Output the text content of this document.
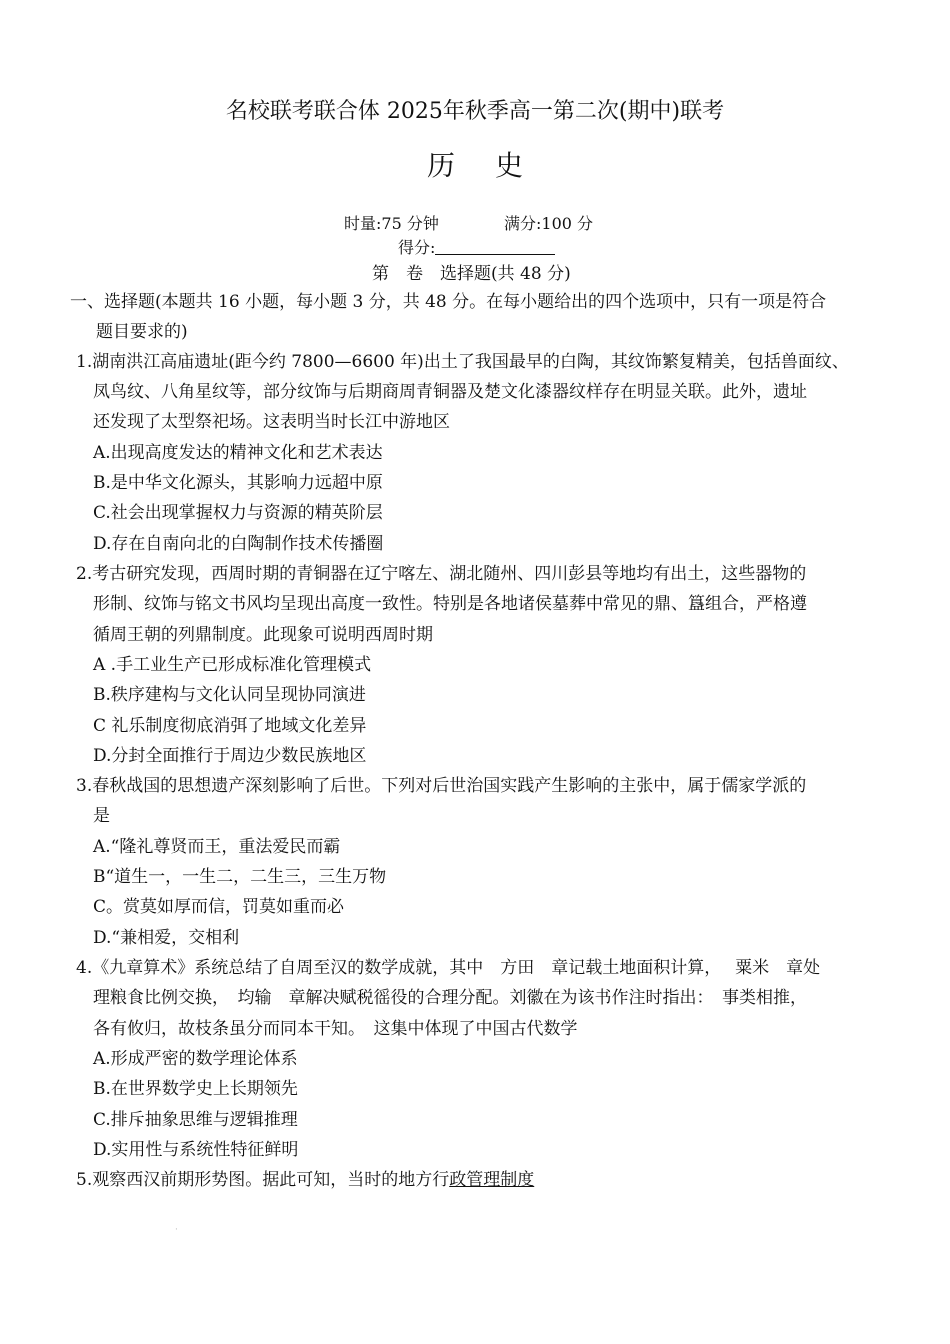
名校联考联合体 2025年秋季高一第二次(期中)联考
历史
时量:75 分钟	满分:100 分
得分:
第　卷　选择题(共 48 分)
一、选择题(本题共 16 小题，每小题 3 分，共 48 分。在每小题给出的四个选项中，只有一项是符合
题目要求的)
1.湖南洪江高庙遗址(距今约 7800—6600 年)出土了我国最早的白陶，其纹饰繁复精美，包括兽面纹、
凤鸟纹、八角星纹等，部分纹饰与后期商周青铜器及楚文化漆器纹样存在明显关联。此外，遗址
还发现了太型祭祀场。这表明当时长江中游地区
A.出现高度发达的精神文化和艺术表达
B.是中华文化源头，其影响力远超中原
C.社会出现掌握权力与资源的精英阶层
D.存在自南向北的白陶制作技术传播圈
2.考古研究发现，西周时期的青铜器在辽宁喀左、湖北随州、四川彭县等地均有出土，这些器物的
形制、纹饰与铭文书风均呈现出高度一致性。特别是各地诸侯墓葬中常见的鼎、簋组合，严格遵
循周王朝的列鼎制度。此现象可说明西周时期
A .手工业生产已形成标准化管理模式
B.秩序建构与文化认同呈现协同演进
C 礼乐制度彻底消弭了地域文化差异
D.分封全面推行于周边少数民族地区
3.春秋战国的思想遗产深刻影响了后世。下列对后世治国实践产生影响的主张中，属于儒家学派的
是
A.“隆礼尊贤而王，重法爱民而霸
B“道生一，一生二，二生三，三生万物
C。赏莫如厚而信，罚莫如重而必
D.“兼相爱，交相利
4.《九章算术》系统总结了自周至汉的数学成就，其中　方田　章记载土地面积计算，　 粟米　章处
理粮食比例交换，　均输　章解决赋税徭役的合理分配。刘徽在为该书作注时指出：　事类相推，
各有攸归，故枝条虽分而同本干知。　这集中体现了中国古代数学
A.形成严密的数学理论体系
B.在世界数学史上长期领先
C.排斥抽象思维与逻辑推理
D.实用性与系统性特征鲜明
5.观察西汉前期形势图。据此可知，当时的地方行政管理制度
·
